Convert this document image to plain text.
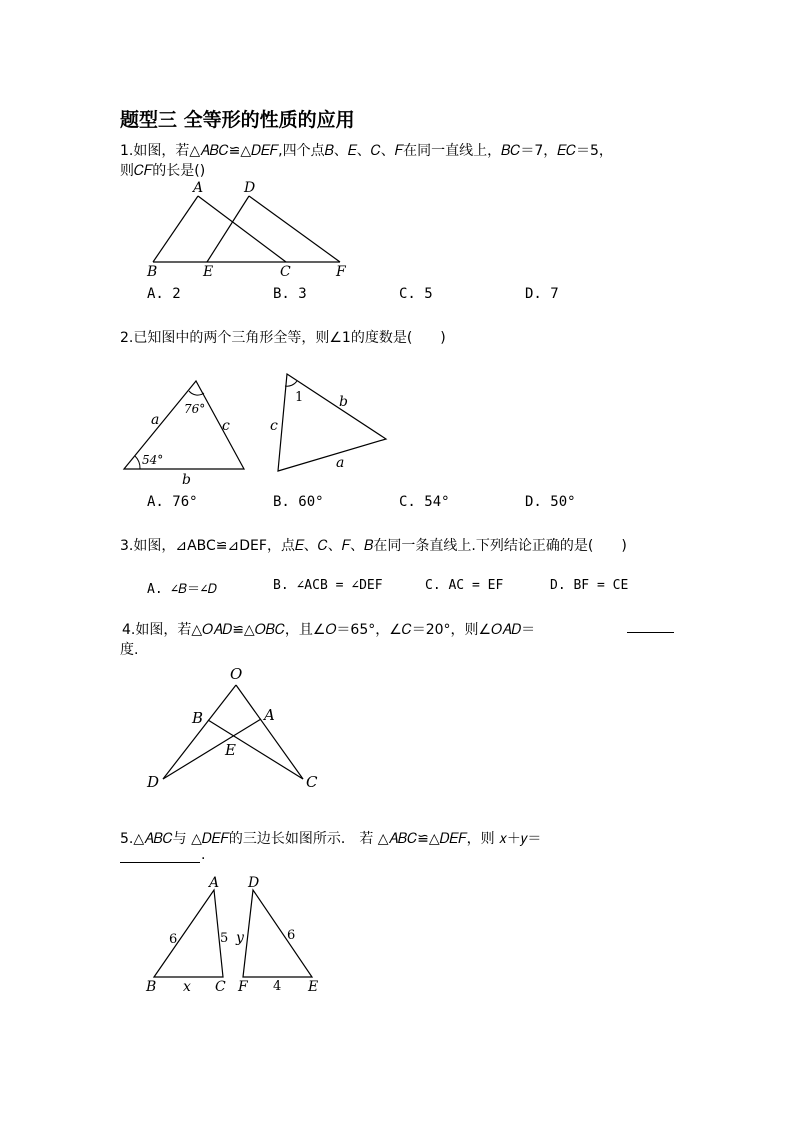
题型三 全等形的性质的应用
1.如图，若△𝐴𝐵𝐶≌△𝐷𝐸𝐹,四个点𝐵、𝐸、𝐶、𝐹在同一直线上，𝐵𝐶＝7，𝐸𝐶＝5，
则𝐶𝐹的长是()
A	D
B	E	C	F
A. 2	B. 3	C. 5	D. 7
2.已知图中的两个三角形全等，则∠1的度数是(　　)
a	c
b
76°
54°
1	b
c
a
A. 76°	B. 60°	C. 54°	D. 50°
3.如图，⊿ABC≌⊿DEF，点𝐸、𝐶、𝐹、𝐵在同一条直线上.下列结论正确的是(　　)
A. ∠𝐵＝∠𝐷	B. ∠ACB = ∠DEF	C. AC = EF	D. BF = CE
4.如图，若△𝑂𝐴𝐷≌△𝑂𝐵𝐶，且∠𝑂＝65°，∠𝐶＝20°，则∠𝑂𝐴𝐷＝
度.
O
B	A
E
D	C
5.△𝐴𝐵𝐶与 △𝐷𝐸𝐹的三边长如图所示． 若 △𝐴𝐵𝐶≌△𝐷𝐸𝐹，则 𝑥＋𝑦＝
.
A
B	C
6	5
x
D
F	E
y	6
4
